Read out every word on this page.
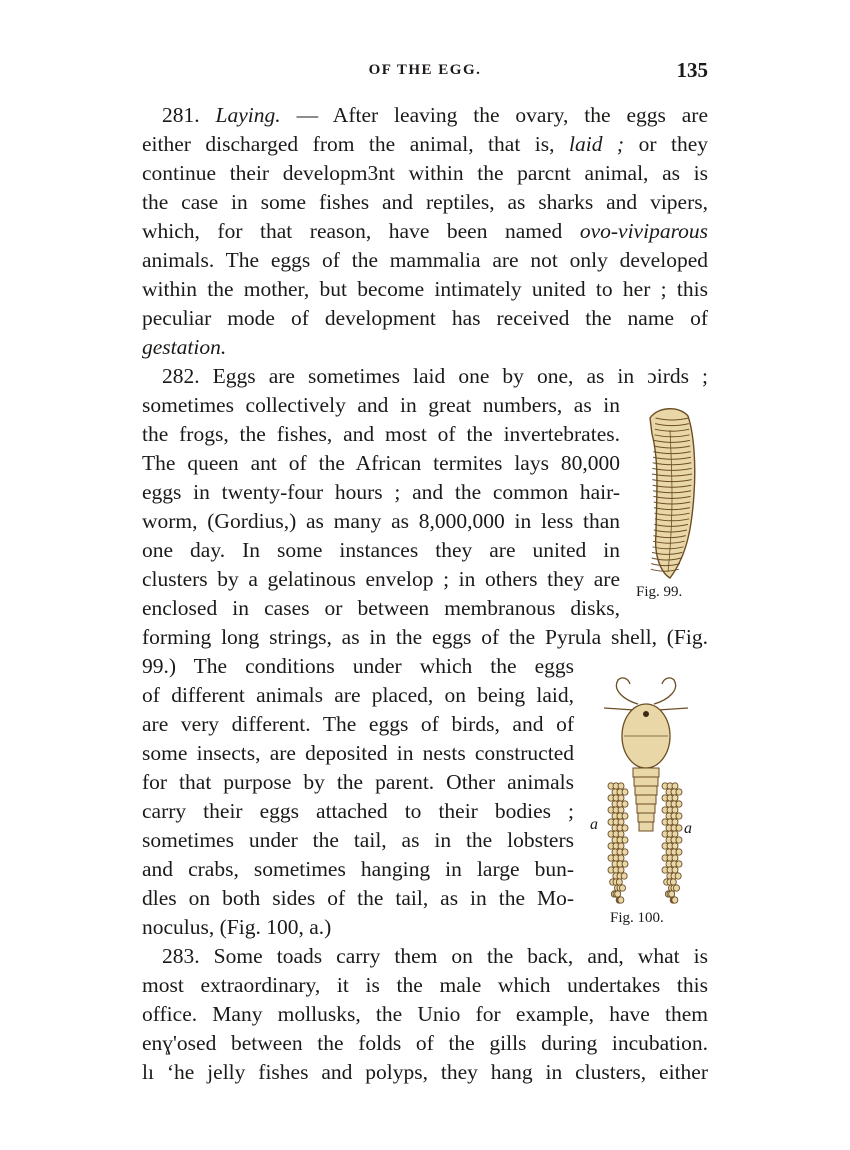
OF THE EGG.	135
281. Laying. — After leaving the ovary, the eggs are
either discharged from the animal, that is, laid ; or they
continue their developm3nt within the parcnt animal, as is
the case in some fishes and reptiles, as sharks and vipers,
which, for that reason, have been named ovo-viviparous
animals. The eggs of the mammalia are not only developed
within the mother, but become intimately united to her ; this
peculiar mode of development has received the name of
gestation.
282. Eggs are sometimes laid one by one, as in ɔirds ;
sometimes collectively and in great numbers, as in
the frogs, the fishes, and most of the invertebrates.
The queen ant of the African termites lays 80,000
eggs in twenty-four hours ; and the common hair-
worm, (Gordius,) as many as 8,000,000 in less than
one day. In some instances they are united in
clusters by a gelatinous envelop ; in others they are
enclosed in cases or between membranous disks,
forming long strings, as in the eggs of the Pyrula shell, (Fig.
99.) The conditions under which the eggs
of different animals are placed, on being laid,
are very different. The eggs of birds, and of
some insects, are deposited in nests constructed
for that purpose by the parent. Other animals
carry their eggs attached to their bodies ;
sometimes under the tail, as in the lobsters
and crabs, sometimes hanging in large bun-
dles on both sides of the tail, as in the Mo-
noculus, (Fig. 100, a.)
283. Some toads carry them on the back, and, what is
most extraordinary, it is the male which undertakes this
office. Many mollusks, the Unio for example, have them
enɣ'osed between the folds of the gills during incubation.
lı ʻhe jelly fishes and polyps, they hang in clusters, either
Fig. 99.
a	a
Fig. 100.
